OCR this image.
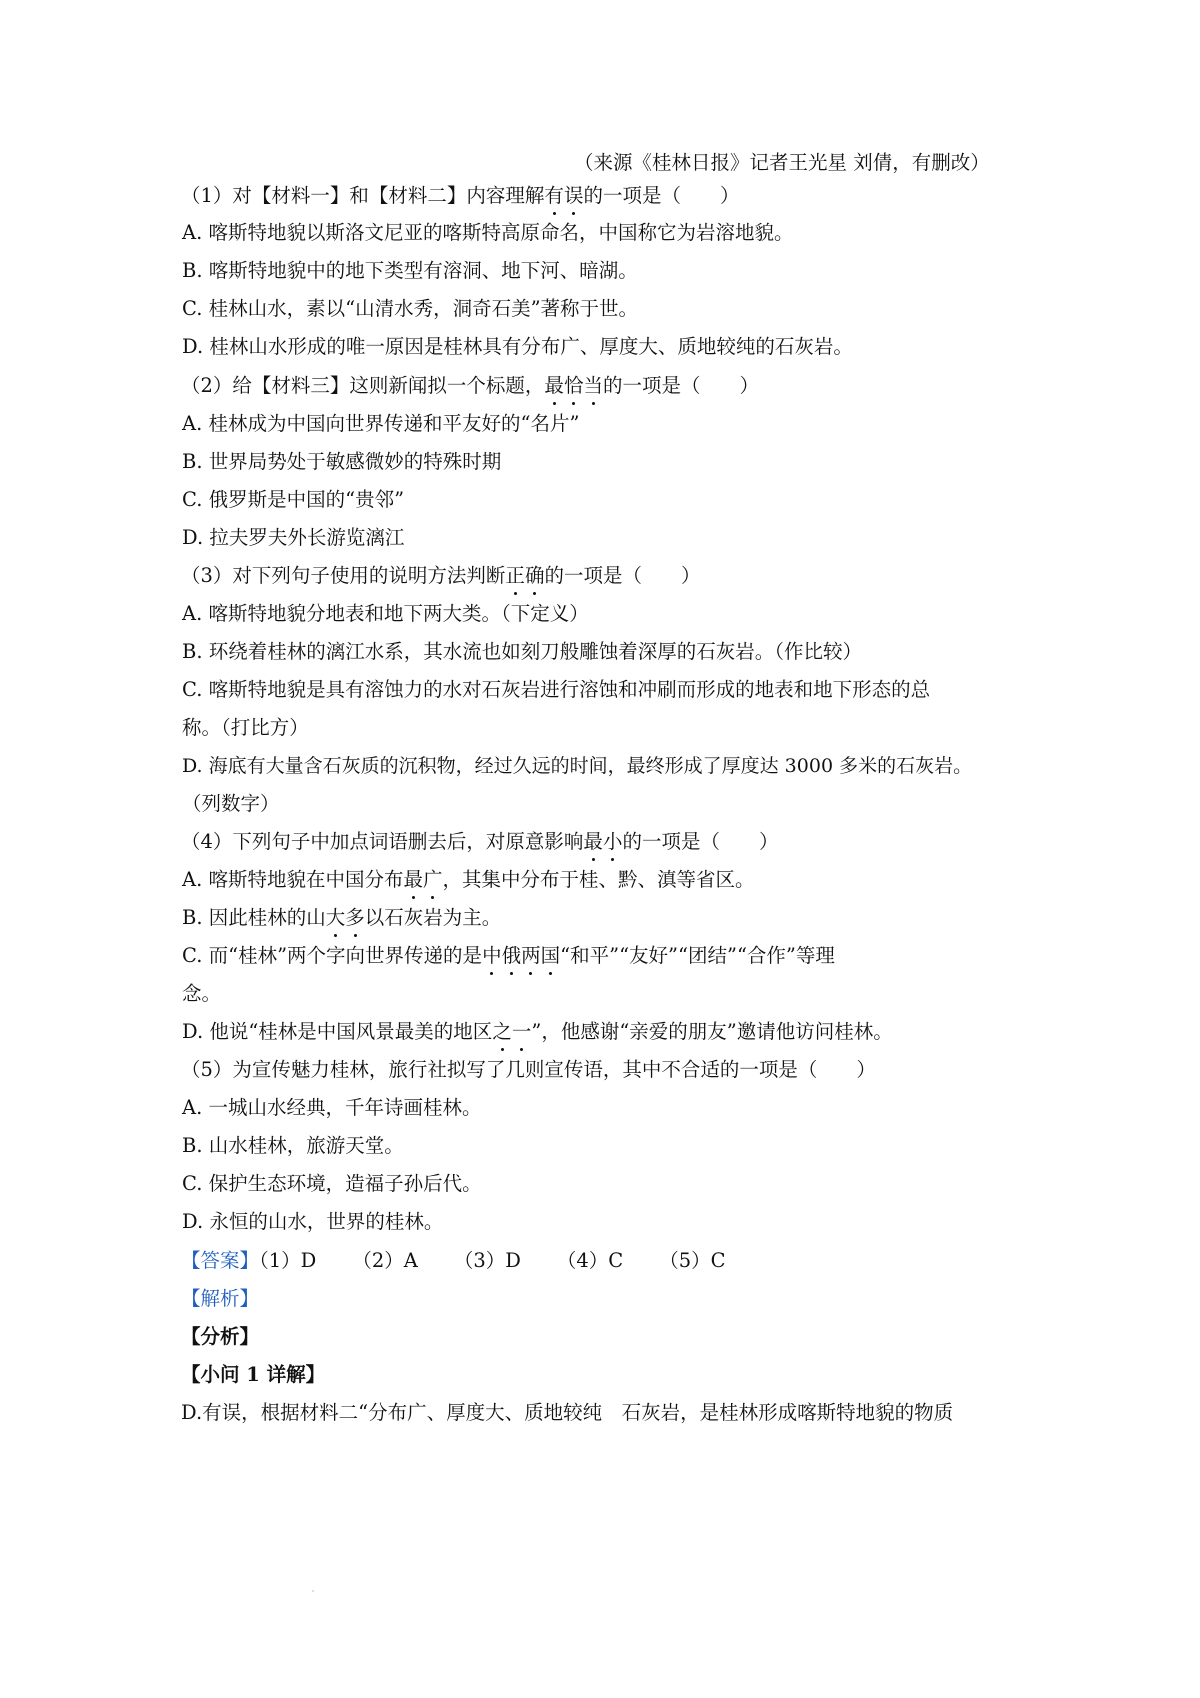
（来源《桂林日报》记者王光星 刘倩，有删改）
（1）对【材料一】和【材料二】内容理解有误的一项是（　　）
A. 喀斯特地貌以斯洛文尼亚的喀斯特高原命名，中国称它为岩溶地貌。
B. 喀斯特地貌中的地下类型有溶洞、地下河、暗湖。
C. 桂林山水，素以“山清水秀，洞奇石美”著称于世。
D. 桂林山水形成的唯一原因是桂林具有分布广、厚度大、质地较纯的石灰岩。
（2）给【材料三】这则新闻拟一个标题，最恰当的一项是（　　）
A. 桂林成为中国向世界传递和平友好的“名片”
B. 世界局势处于敏感微妙的特殊时期
C. 俄罗斯是中国的“贵邻”
D. 拉夫罗夫外长游览漓江
（3）对下列句子使用的说明方法判断正确的一项是（　　）
A. 喀斯特地貌分地表和地下两大类。（下定义）
B. 环绕着桂林的漓江水系，其水流也如刻刀般雕蚀着深厚的石灰岩。（作比较）
C. 喀斯特地貌是具有溶蚀力的水对石灰岩进行溶蚀和冲刷而形成的地表和地下形态的总
称。（打比方）
D. 海底有大量含石灰质的沉积物，经过久远的时间，最终形成了厚度达 3000 多米的石灰岩。
（列数字）
（4）下列句子中加点词语删去后，对原意影响最小的一项是（　　）
A. 喀斯特地貌在中国分布最广，其集中分布于桂、黔、滇等省区。
B. 因此桂林的山大多以石灰岩为主。
C. 而“桂林”两个字向世界传递的是中俄两国“和平”“友好”“团结”“合作”等理
念。
D. 他说“桂林是中国风景最美的地区之一”，他感谢“亲爱的朋友”邀请他访问桂林。
（5）为宣传魅力桂林，旅行社拟写了几则宣传语，其中不合适的一项是（　　）
A. 一城山水经典，千年诗画桂林。
B. 山水桂林，旅游天堂。
C. 保护生态环境，造福子孙后代。
D. 永恒的山水，世界的桂林。
【答案】（1）D （2）A （3）D （4）C （5）C
【解析】
【分析】
【小问 1 详解】
D.有误，根据材料二“分布广、厚度大、质地较纯　石灰岩，是桂林形成喀斯特地貌的物质
